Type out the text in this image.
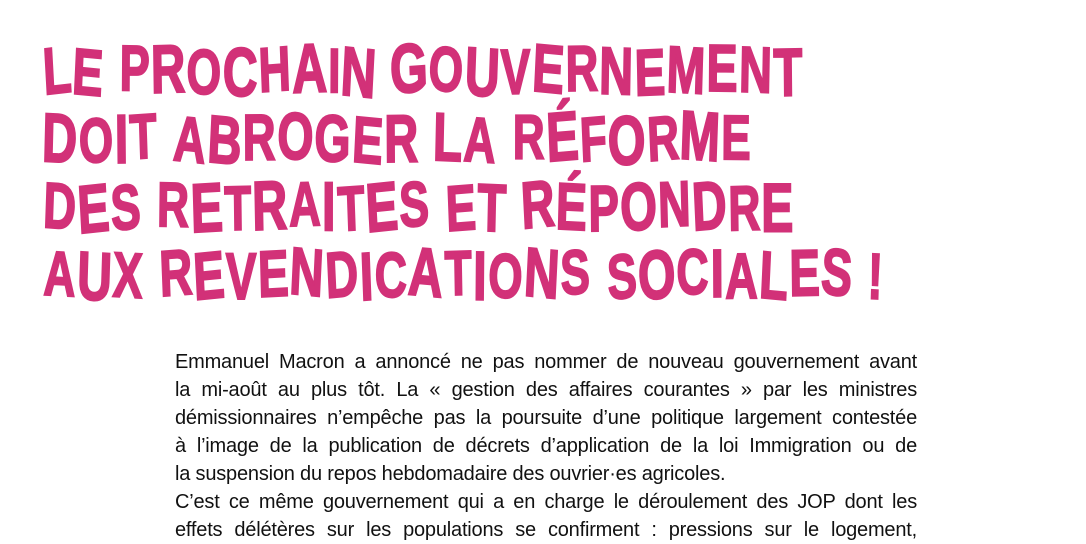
LE PROCHAIN GOUVERNEMENT
DOIT ABROGER LA RÉFORME
DES RETRAITES ET RÉPONDRE
AUX REVENDICATIONS SOCIALES !

Emmanuel Macron a annoncé ne pas nommer de nouveau gouvernement avant
la mi-août au plus tôt. La « gestion des affaires courantes » par les ministres
démissionnaires n’empêche pas la poursuite d’une politique largement contestée
à l’image de la publication de décrets d’application de la loi Immigration ou de
la suspension du repos hebdomadaire des ouvrier·es agricoles.

C’est ce même gouvernement qui a en charge le déroulement des JOP dont les
effets délétères sur les populations se confirment : pressions sur le logement,
